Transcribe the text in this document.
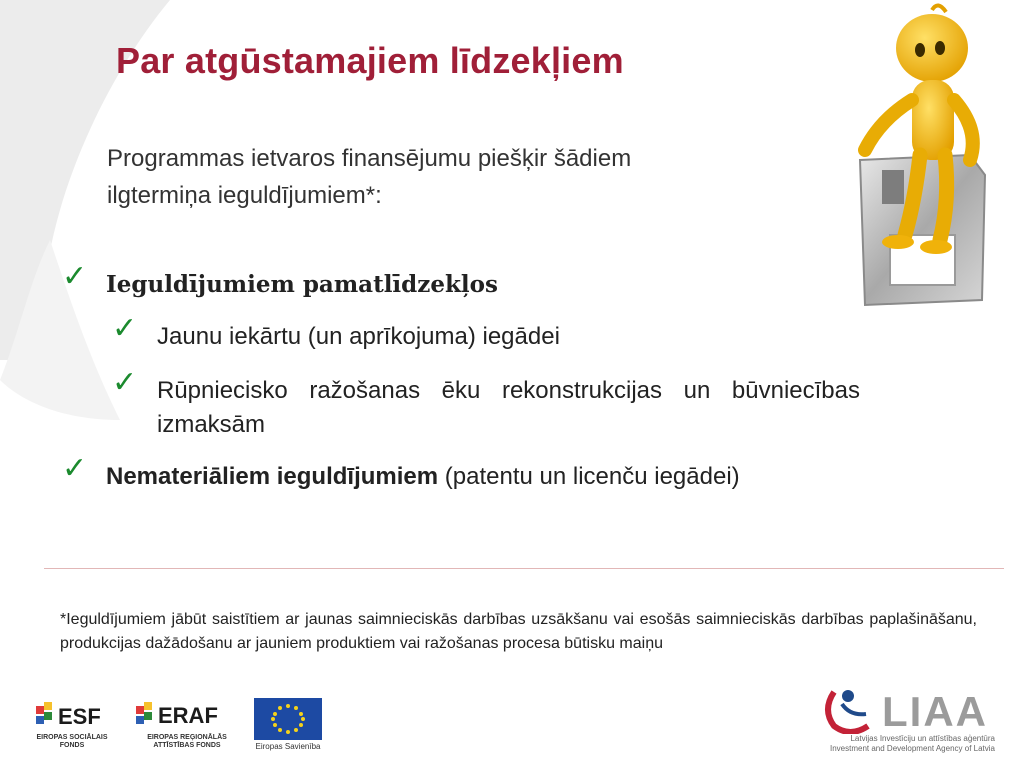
Par atgūstamajiem līdzekļiem
Programmas ietvaros finansējumu piešķir šādiem
ilgtermiņa ieguldījumiem*:
✓ Ieguldījumiem pamatlīdzekļos
✓ Jaunu iekārtu (un aprīkojuma) iegādei
✓ Rūpniecisko ražošanas ēku rekonstrukcijas un būvniecības izmaksām
✓ Nemateriāliem ieguldījumiem (patentu un licenču iegādei)
*Ieguldījumiem jābūt saistītiem ar jaunas saimnieciskās darbības uzsākšanu vai esošās saimnieciskās darbības paplašināšanu, produkcijas dažādošanu ar jauniem produktiem vai ražošanas procesa būtisku maiņu
ESF
EIROPAS SOCIĀLAIS FONDS
ERAF
EIROPAS REĢIONĀLĀS ATTĪSTĪBAS FONDS	Eiropas Savienība
LIAA
Latvijas Investīciju un attīstības aģentūra
Investment and Development Agency of Latvia
